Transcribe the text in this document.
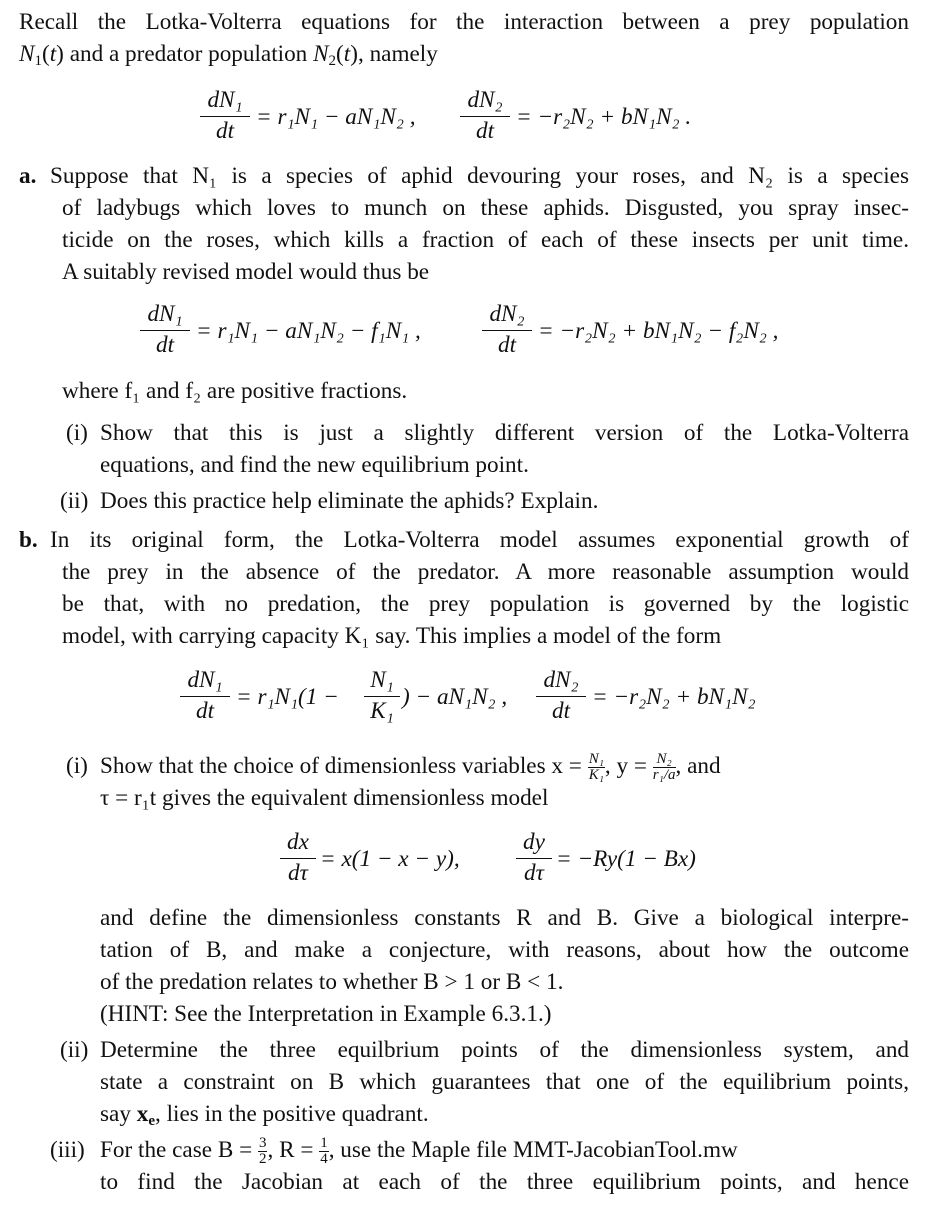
Recall the Lotka-Volterra equations for the interaction between a prey population
$N_1(t)$ and a predator population $N_2(t)$, namely
dN₁
dt
= r₁N₁ − aN₁N₂ ,
dN₂
dt
= −r₂N₂ + bN₁N₂ .
a. Suppose that N₁ is a species of aphid devouring your roses, and N₂ is a species
of ladybugs which loves to munch on these aphids. Disgusted, you spray insec-
ticide on the roses, which kills a fraction of each of these insects per unit time.
A suitably revised model would thus be
dN₁
dt
= r₁N₁ − aN₁N₂ − f₁N₁ ,
dN₂
dt
= −r₂N₂ + bN₁N₂ − f₂N₂ ,
where f₁ and f₂ are positive fractions.
(i) Show that this is just a slightly different version of the Lotka-Volterra
equations, and find the new equilibrium point.
(ii) Does this practice help eliminate the aphids? Explain.
b. In its original form, the Lotka-Volterra model assumes exponential growth of
the prey in the absence of the predator. A more reasonable assumption would
be that, with no predation, the prey population is governed by the logistic
model, with carrying capacity K₁ say. This implies a model of the form
dN₁
dt
= r₁N₁(1 −
N₁
K₁
) − aN₁N₂ ,
dN₂
dt
= −r₂N₂ + bN₁N₂
(i) Show that the choice of dimensionless variables $x = \frac{\text{N₁}}{\text{K₁}}$ , $y = \frac{\text{N₂}}{\text{r₁/a}}$ , and
τ = r₁t gives the equivalent dimensionless model
dx
dτ
= x(1 − x − y),
dy
dτ
= −Ry(1 − Bx)
and define the dimensionless constants R and B. Give a biological interpre-
tation of B, and make a conjecture, with reasons, about how the outcome
of the predation relates to whether B > 1 or B < 1.
(HINT: See the Interpretation in Example 6.3.1.)
(ii) Determine the three equilbrium points of the dimensionless system, and
state a constraint on B which guarantees that one of the equilibrium points,
say $x_e$, lies in the positive quadrant.
(iii) For the case $B = \frac{3}{2}$ , $R = \frac{1}{4}$ , use the Maple file MMT-JacobianTool.mw
to find the Jacobian at each of the three equilibrium points, and hence
